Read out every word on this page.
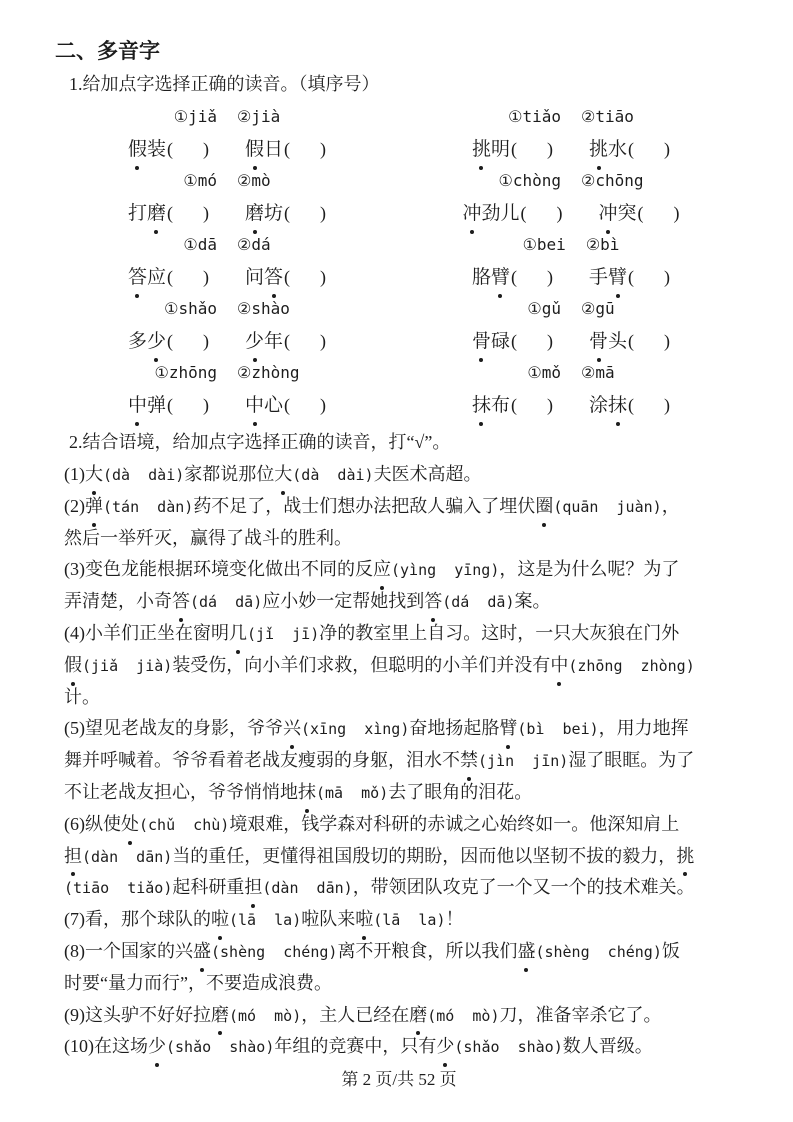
二、多音字
1.给加点字选择正确的读音。（填序号）
①jiǎ ②jià	①tiǎo ②tiāo
假装 ( ) 假日 ( )	挑明 ( ) 挑水 ( )
①mó ②mò	①chòng ②chōng
打磨 ( ) 磨坊 ( )	冲劲儿 ( ) 冲突 ( )
①dā ②dá	①bei ②bì
答应 ( ) 问答 ( )	胳臂 ( ) 手臂 ( )
①shǎo ②shào	①gǔ ②gū
多少 ( ) 少年 ( )	骨碌 ( ) 骨头 ( )
①zhōng ②zhòng	①mǒ ②mā
中弹 ( ) 中心 ( )	抹布 ( ) 涂抹 ( )
2.结合语境，给加点字选择正确的读音，打“√”。
(1)大(dà  dài)家都说那位大(dà  dài)夫医术高超。
(2)弹(tán  dàn)药不足了，战士们想办法把敌人骗入了埋伏圈(quān  juàn)，
然后一举歼灭，赢得了战斗的胜利。
(3)变色龙能根据环境变化做出不同的反应(yìng  yīng)，这是为什么呢？为了
弄清楚，小奇答(dá  dā)应小妙一定帮她找到答(dá  dā)案。
(4)小羊们正坐在窗明几(jǐ  jī)净的教室里上自习。这时，一只大灰狼在门外
假(jiǎ  jià)装受伤，向小羊们求救，但聪明的小羊们并没有中(zhōng  zhòng)
计。
(5)望见老战友的身影，爷爷兴(xīng  xìng)奋地扬起胳臂(bì  bei)，用力地挥
舞并呼喊着。爷爷看着老战友瘦弱的身躯，泪水不禁(jìn  jīn)湿了眼眶。为了
不让老战友担心，爷爷悄悄地抹(mā  mǒ)去了眼角的泪花。
(6)纵使处(chǔ  chù)境艰难，钱学森对科研的赤诚之心始终如一。他深知肩上
担(dàn  dān)当的重任，更懂得祖国殷切的期盼，因而他以坚韧不拔的毅力，挑
(tiāo  tiǎo)起科研重担(dàn  dān)，带领团队攻克了一个又一个的技术难关。
(7)看，那个球队的啦(lā  la)啦队来啦(lā  la)！
(8)一个国家的兴盛(shèng  chéng)离不开粮食，所以我们盛(shèng  chéng)饭
时要“量力而行”，不要造成浪费。
(9)这头驴不好好拉磨(mó  mò)，主人已经在磨(mó  mò)刀，准备宰杀它了。
(10)在这场少(shǎo  shào)年组的竞赛中，只有少(shǎo  shào)数人晋级。
第 2 页/共 52 页
